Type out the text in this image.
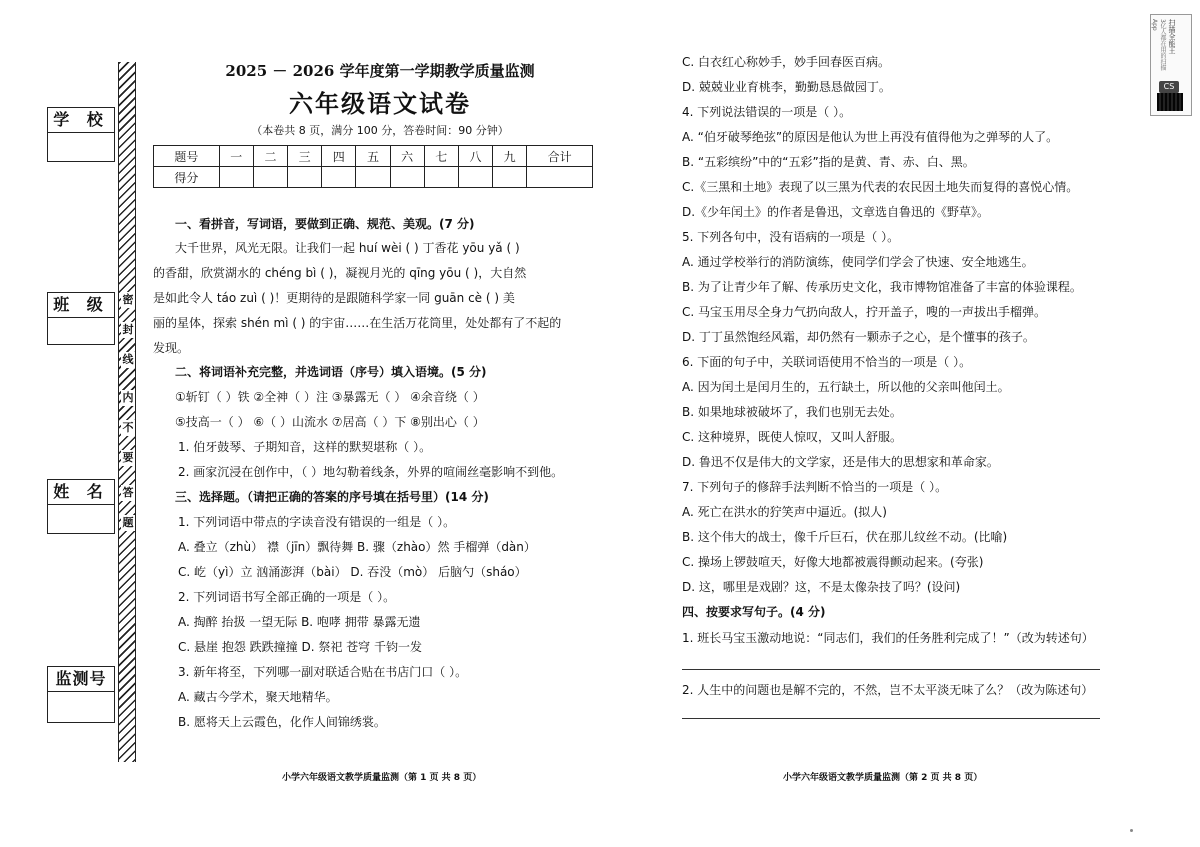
学 校
班 级
姓 名
监测号
密
封
线
内
不
要
答
题
2025 － 2026 学年度第一学期教学质量监测
六年级语文试卷
（本卷共 8 页，满分 100 分，答卷时间：90 分钟）
题号	一	二	三	四	五	六	七	八	九	合计
得分										
一、看拼音，写词语，要做到正确、规范、美观。(7 分)
大千世界，风光无限。让我们一起 huí wèi ( ) 丁香花 yōu yǎ ( )
的香甜，欣赏湖水的 chéng bì ( )，凝视月光的 qīng yōu ( )，大自然
是如此令人 táo zuì ( )！更期待的是跟随科学家一同 guān cè ( ) 美
丽的星体，探索 shén mì ( ) 的宇宙……在生活万花筒里，处处都有了不起的
发现。
二、将词语补充完整，并选词语（序号）填入语境。(5 分)
①斩钉（ ）铁 ②全神（ ）注 ③暴露无（ ） ④余音绕（ ）
⑤技高一（ ） ⑥（ ）山流水 ⑦居高（ ）下 ⑧别出心（ ）
1. 伯牙鼓琴、子期知音，这样的默契堪称（ ）。
2. 画家沉浸在创作中，（ ）地勾勒着线条，外界的喧闹丝毫影响不到他。
三、选择题。（请把正确的答案的序号填在括号里）(14 分)
1. 下列词语中带点的字读音没有错误的一组是（ ）。
A. 叠立（zhù） 襟（jīn）飘待舞 B. 骤（zhào）然 手榴弹（dàn）
C. 屹（yì）立 汹涌澎湃（bài） D. 吞没（mò） 后脑勺（sháo）
2. 下列词语书写全部正确的一项是（ ）。
A. 掏醉 抬扱 一望无际 B. 咆哮 拥带 暴露无遗
C. 悬崖 抱怨 跌跌撞撞 D. 祭祀 苍穹 千钧一发
3. 新年将至，下列哪一副对联适合贴在书店门口（ ）。
A. 藏古今学术，聚天地精华。
B. 愿将天上云霞色，化作人间锦绣裳。
小学六年级语文教学质量监测（第 1 页 共 8 页）
C. 白衣红心称妙手，妙手回春医百病。
D. 兢兢业业育桃李，勤勤恳恳做园丁。
4. 下列说法错误的一项是（ ）。
A. “伯牙破琴绝弦”的原因是他认为世上再没有值得他为之弹琴的人了。
B. “五彩缤纷”中的“五彩”指的是黄、青、赤、白、黑。
C.《三黑和土地》表现了以三黑为代表的农民因土地失而复得的喜悦心情。
D.《少年闰土》的作者是鲁迅，文章选自鲁迅的《野草》。
5. 下列各句中，没有语病的一项是（ ）。
A. 通过学校举行的消防演练，使同学们学会了快速、安全地逃生。
B. 为了让青少年了解、传承历史文化，我市博物馆准备了丰富的体验课程。
C. 马宝玉用尽全身力气扔向敌人，拧开盖子，嗖的一声拔出手榴弹。
D. 丁丁虽然饱经风霜，却仍然有一颗赤子之心，是个懂事的孩子。
6. 下面的句子中，关联词语使用不恰当的一项是（ ）。
A. 因为闰土是闰月生的，五行缺土，所以他的父亲叫他闰土。
B. 如果地球被破坏了，我们也别无去处。
C. 这种境界，既使人惊叹，又叫人舒服。
D. 鲁迅不仅是伟大的文学家，还是伟大的思想家和革命家。
7. 下列句子的修辞手法判断不恰当的一项是（ ）。
A. 死亡在洪水的狞笑声中逼近。(拟人)
B. 这个伟大的战士，像千斤巨石，伏在那儿纹丝不动。(比喻)
C. 操场上锣鼓喧天，好像大地都被震得颤动起来。(夸张)
D. 这，哪里是戏剧？这，不是太像杂技了吗？(设问)
四、按要求写句子。(4 分)
1. 班长马宝玉激动地说：“同志们，我们的任务胜利完成了！”（改为转述句）
2. 人生中的问题也是解不完的，不然，岂不太平淡无味了么？（改为陈述句）
小学六年级语文教学质量监测（第 2 页 共 8 页）
扫描全能王
3亿人都在用的扫描App
CS
